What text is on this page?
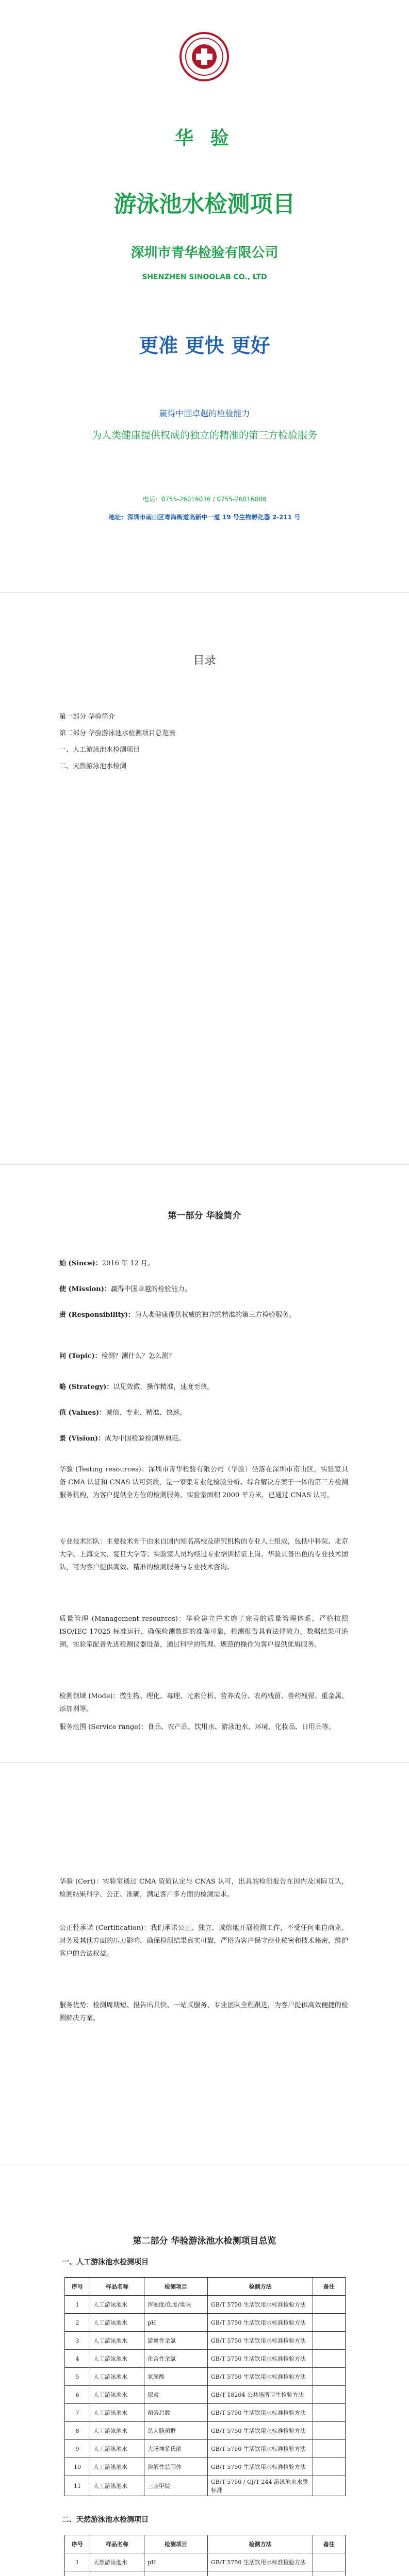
华 验
游泳池水检测项目
深圳市青华检验有限公司
SHENZHEN SINOOLAB CO., LTD
更准 更快 更好
赢得中国卓越的检验能力
为人类健康提供权威的独立的精准的第三方检验服务
电话：0755-26016036 / 0755-26016088
地址：深圳市南山区粤海街道高新中一道 19 号生物孵化器 2-211 号
目录
第一部分 华验简介
第二部分 华验游泳池水检测项目总览表
一、人工游泳池水检测项目
二、天然游泳池水检测
第一部分 华验简介
始 (Since)：2016 年 12 月。
使 (Mission)：赢得中国卓越的检验能力。
责 (Responsibility)：为人类健康提供权威的独立的精准的第三方检验服务。
问 (Topic)：检测？测什么？怎么测？
略 (Strategy)：以见效微，操作精准，速度至快。
值 (Values)：诚信、专业、精准、快速。
景 (Vision)：成为中国检验检测界典范。
华验 (Testing resources)：深圳市青华检验有限公司（华验）坐落在深圳市南山区，实验室具备 CMA 认证和 CNAS 认可资质，是一家集专业化检验分析、综合解决方案于一体的第三方检测服务机构，为客户提供全方位的检测服务。实验室面积 2000 平方米，已通过 CNAS 认可。
专业技术团队：主要技术骨干由来自国内知名高校及研究机构的专业人士组成，包括中科院、北京大学、上海交大、复旦大学等；实验室人员均经过专业培训持证上岗。华验具备出色的专业技术团队，可为客户提供高效、精准的检测服务与专业技术咨询。
质量管理 (Management resources)：华验建立并实施了完善的质量管理体系，严格按照 ISO/IEC 17025 标准运行，确保检测数据的准确可靠，检测报告具有法律效力，数据结果可追溯。实验室配备先进检测仪器设备，通过科学的管理、规范的操作为客户提供优质服务。
检测领域 (Mode)：微生物、理化、毒理、元素分析、营养成分、农药残留、兽药残留、重金属、添加剂等。
服务范围 (Service range)：食品、农产品、饮用水、游泳池水、环境、化妆品、日用品等。
华验 (Cert)：实验室通过 CMA 资质认定与 CNAS 认可，出具的检测报告在国内及国际互认，检测结果科学、公正、准确，满足客户多方面的检测需求。
公正性承诺 (Certification)：我们承诺公正、独立、诚信地开展检测工作，不受任何来自商业、财务及其他方面的压力影响，确保检测结果真实可靠，严格为客户保守商业秘密和技术秘密，维护客户的合法权益。
服务优势：检测周期短、报告出具快、一站式服务、专业团队全程跟进，为客户提供高效便捷的检测解决方案。
第二部分 华验游泳池水检测项目总览
一、人工游泳池水检测项目
序号	样品名称	检测项目	检测方法	备注
1	人工游泳池水	浑浊度/色度/臭味	GB/T 5750 生活饮用水标准检验方法	
2	人工游泳池水	pH	GB/T 5750 生活饮用水标准检验方法	
3	人工游泳池水	游离性余氯	GB/T 5750 生活饮用水标准检验方法	
4	人工游泳池水	化合性余氯	GB/T 5750 生活饮用水标准检验方法	
5	人工游泳池水	氰尿酸	GB/T 5750 生活饮用水标准检验方法	
6	人工游泳池水	尿素	GB/T 18204 公共场所卫生检验方法	
7	人工游泳池水	菌落总数	GB/T 5750 生活饮用水标准检验方法	
8	人工游泳池水	总大肠菌群	GB/T 5750 生活饮用水标准检验方法	
9	人工游泳池水	大肠埃希氏菌	GB/T 5750 生活饮用水标准检验方法	
10	人工游泳池水	溶解性总固体	GB/T 5750 生活饮用水标准检验方法	
11	人工游泳池水	三卤甲烷	GB/T 5750 / CJ/T 244 游泳池水水质标准	
二、天然游泳池水检测项目
序号	样品名称	检测项目	检测方法	备注
1	天然游泳池水	pH	GB/T 5750 生活饮用水标准检验方法	
